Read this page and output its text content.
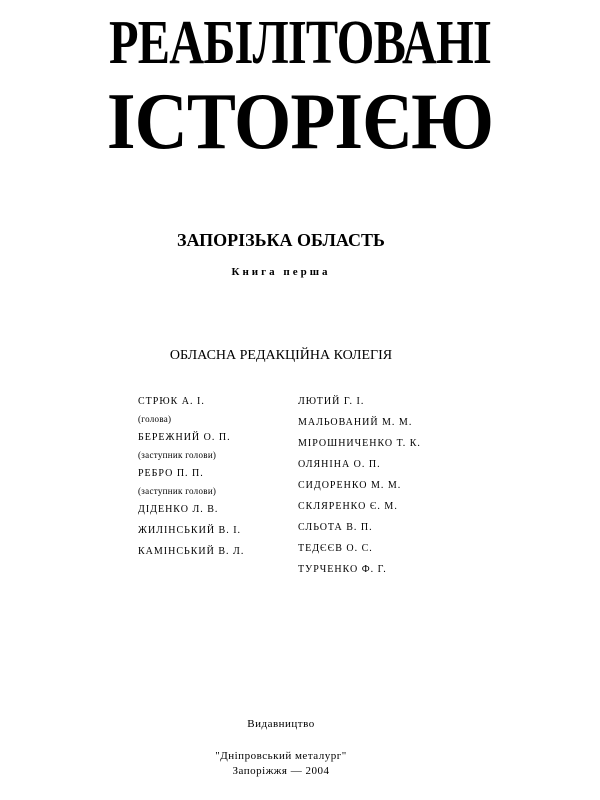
РЕАБІЛІТОВАНІ
ІСТОРІЄЮ
ЗАПОРІЗЬКА ОБЛАСТЬ
Книга перша
ОБЛАСНА РЕДАКЦІЙНА КОЛЕГІЯ
СТРЮК А. І.
(голова)
БЕРЕЖНИЙ О. П.
(заступник голови)
РЕБРО П. П.
(заступник голови)
ДІДЕНКО Л. В.
ЖИЛІНСЬКИЙ В. І.
КАМІНСЬКИЙ В. Л.
ЛЮТИЙ Г. І.
МАЛЬОВАНИЙ М. М.
МІРОШНИЧЕНКО Т. К.
ОЛЯНІНА О. П.
СИДОРЕНКО М. М.
СКЛЯРЕНКО Є. М.
СЛЬОТА В. П.
ТЕДЄЄВ О. С.
ТУРЧЕНКО Ф. Г.
Видавництво
"Дніпровський металург"
Запоріжжя — 2004
